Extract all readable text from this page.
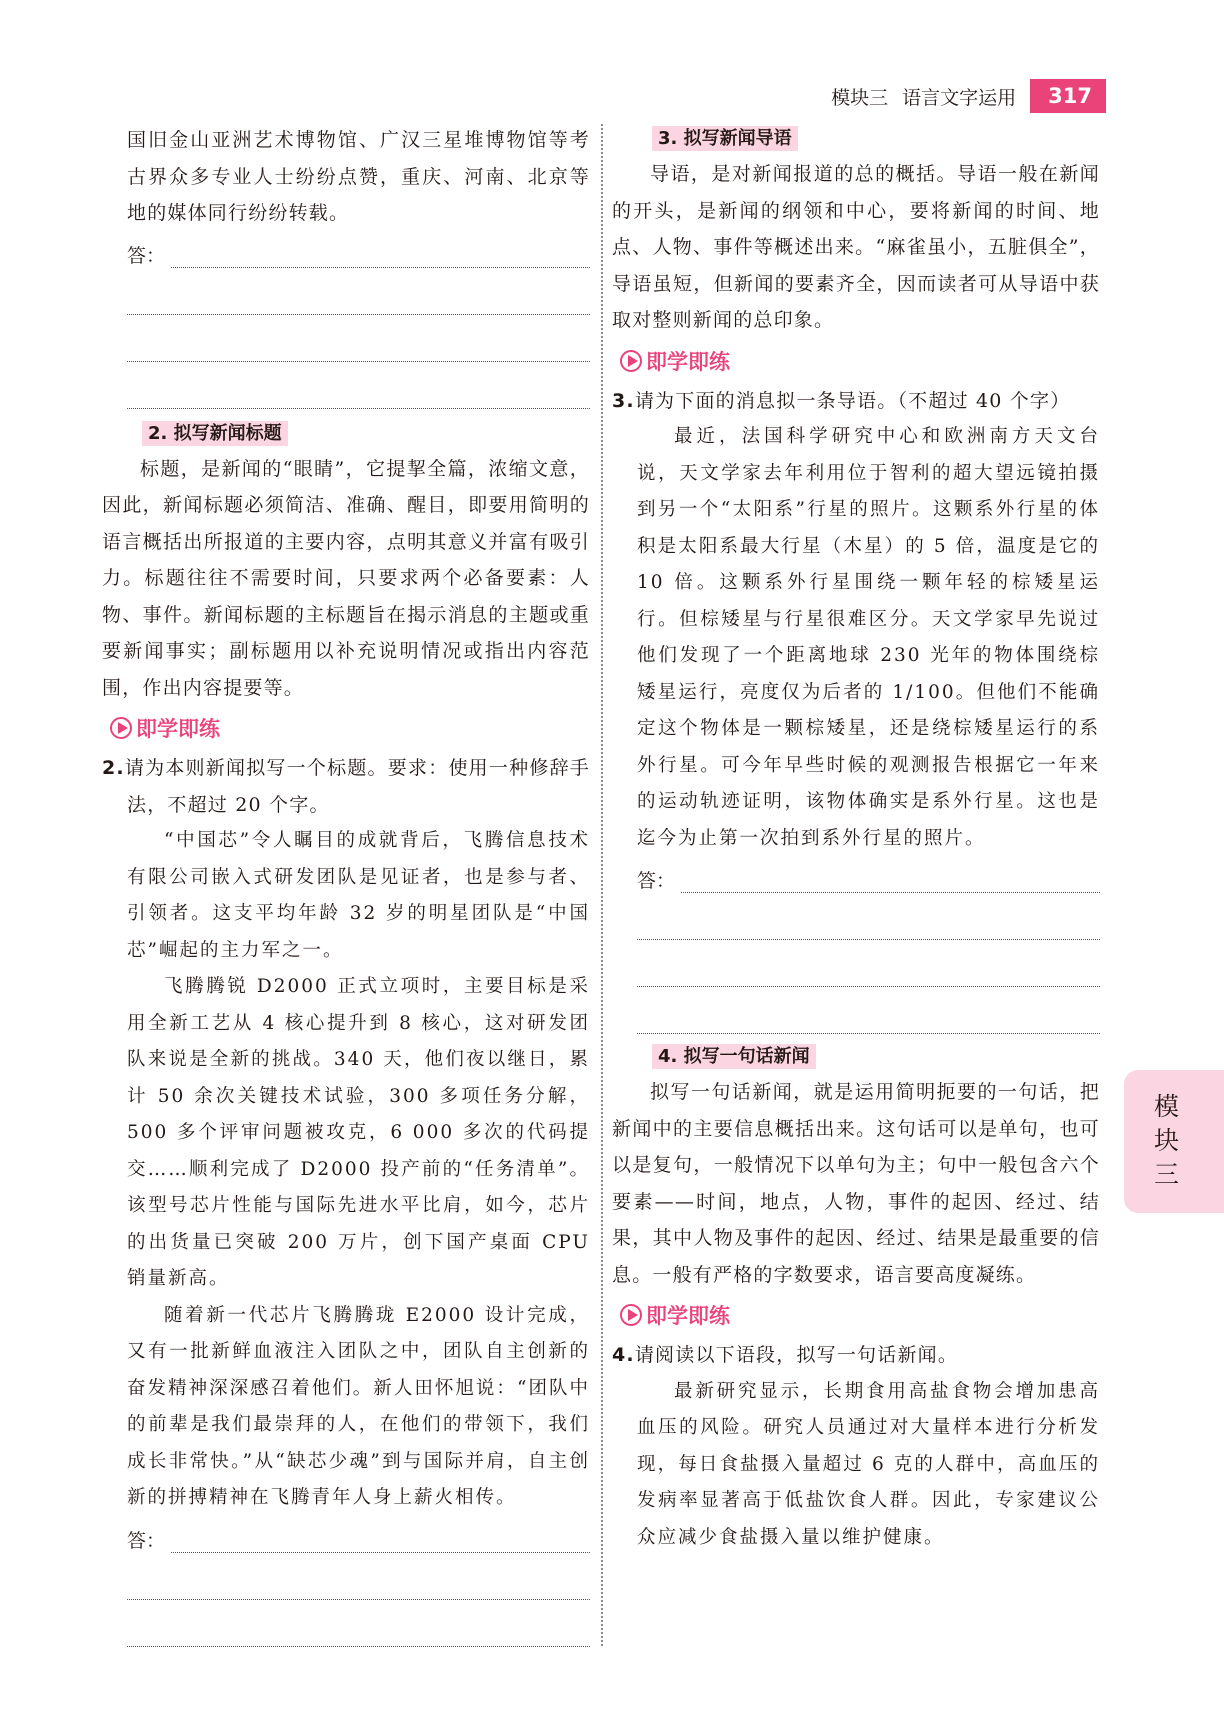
模块三 语言文字运用	317
模块三

国旧金山亚洲艺术博物馆、广汉三星堆博物馆等考古界众多专业人士纷纷点赞，重庆、河南、北京等地的媒体同行纷纷转载。

答：
2. 拟写新闻标题

标题，是新闻的“眼睛”，它提挈全篇，浓缩文意，因此，新闻标题必须简洁、准确、醒目，即要用简明的语言概括出所报道的主要内容，点明其意义并富有吸引力。标题往往不需要时间，只要求两个必备要素：人物、事件。新闻标题的主标题旨在揭示消息的主题或重要新闻事实；副标题用以补充说明情况或指出内容范围，作出内容提要等。

即学即练
2.请为本则新闻拟写一个标题。要求：使用一种修辞手法，不超过 20 个字。

“中国芯”令人瞩目的成就背后，飞腾信息技术有限公司嵌入式研发团队是见证者，也是参与者、引领者。这支平均年龄 32 岁的明星团队是“中国芯”崛起的主力军之一。

飞腾腾锐 D2000 正式立项时，主要目标是采用全新工艺从 4 核心提升到 8 核心，这对研发团队来说是全新的挑战。340 天，他们夜以继日，累计 50 余次关键技术试验，300 多项任务分解，500 多个评审问题被攻克，6 000 多次的代码提交……顺利完成了 D2000 投产前的“任务清单”。该型号芯片性能与国际先进水平比肩，如今，芯片的出货量已突破 200 万片，创下国产桌面 CPU 销量新高。

随着新一代芯片飞腾腾珑 E2000 设计完成，又有一批新鲜血液注入团队之中，团队自主创新的奋发精神深深感召着他们。新人田怀旭说：“团队中的前辈是我们最崇拜的人，在他们的带领下，我们成长非常快。”从“缺芯少魂”到与国际并肩，自主创新的拼搏精神在飞腾青年人身上薪火相传。

答：
3. 拟写新闻导语

导语，是对新闻报道的总的概括。导语一般在新闻的开头，是新闻的纲领和中心，要将新闻的时间、地点、人物、事件等概述出来。“麻雀虽小，五脏俱全”，导语虽短，但新闻的要素齐全，因而读者可从导语中获取对整则新闻的总印象。

即学即练
3.请为下面的消息拟一条导语。（不超过 40 个字）

最近，法国科学研究中心和欧洲南方天文台说，天文学家去年利用位于智利的超大望远镜拍摄到另一个“太阳系”行星的照片。这颗系外行星的体积是太阳系最大行星（木星）的 5 倍，温度是它的 10 倍。这颗系外行星围绕一颗年轻的棕矮星运行。但棕矮星与行星很难区分。天文学家早先说过他们发现了一个距离地球 230 光年的物体围绕棕矮星运行，亮度仅为后者的 1/100。但他们不能确定这个物体是一颗棕矮星，还是绕棕矮星运行的系外行星。可今年早些时候的观测报告根据它一年来的运动轨迹证明，该物体确实是系外行星。这也是迄今为止第一次拍到系外行星的照片。

答：
4. 拟写一句话新闻

拟写一句话新闻，就是运用简明扼要的一句话，把新闻中的主要信息概括出来。这句话可以是单句，也可以是复句，一般情况下以单句为主；句中一般包含六个要素——时间，地点，人物，事件的起因、经过、结果，其中人物及事件的起因、经过、结果是最重要的信息。一般有严格的字数要求，语言要高度凝练。

即学即练
4.请阅读以下语段，拟写一句话新闻。

最新研究显示，长期食用高盐食物会增加患高血压的风险。研究人员通过对大量样本进行分析发现，每日食盐摄入量超过 6 克的人群中，高血压的发病率显著高于低盐饮食人群。因此，专家建议公众应减少食盐摄入量以维护健康。
